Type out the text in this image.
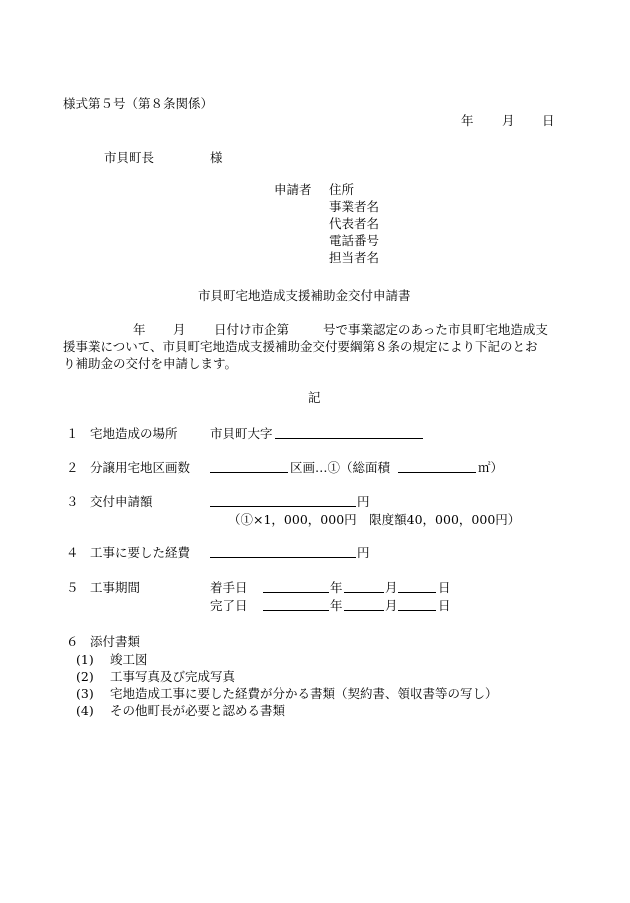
様式第５号（第８条関係）
年 月 日
市貝町長	様
申請者 住所
事業者名
代表者名
電話番号
担当者名
市貝町宅地造成支援補助金交付申請書
年 月 日付け市企第	号で事業認定のあった市貝町宅地造成支
援事業について、市貝町宅地造成支援補助金交付要綱第８条の規定により下記のとお
り補助金の交付を申請します。
記
１ 宅地造成の場所	市貝町大字
２ 分譲用宅地区画数	区画…①（総面積	㎡）
３ 交付申請額	円
（①×1，000，000円　限度額40，000，000円）
４ 工事に要した経費	円
５ 工事期間	着手日	年	月	日
完了日	年	月	日
６ 添付書類
(1) 竣工図
(2) 工事写真及び完成写真
(3) 宅地造成工事に要した経費が分かる書類（契約書、領収書等の写し）
(4) その他町長が必要と認める書類
